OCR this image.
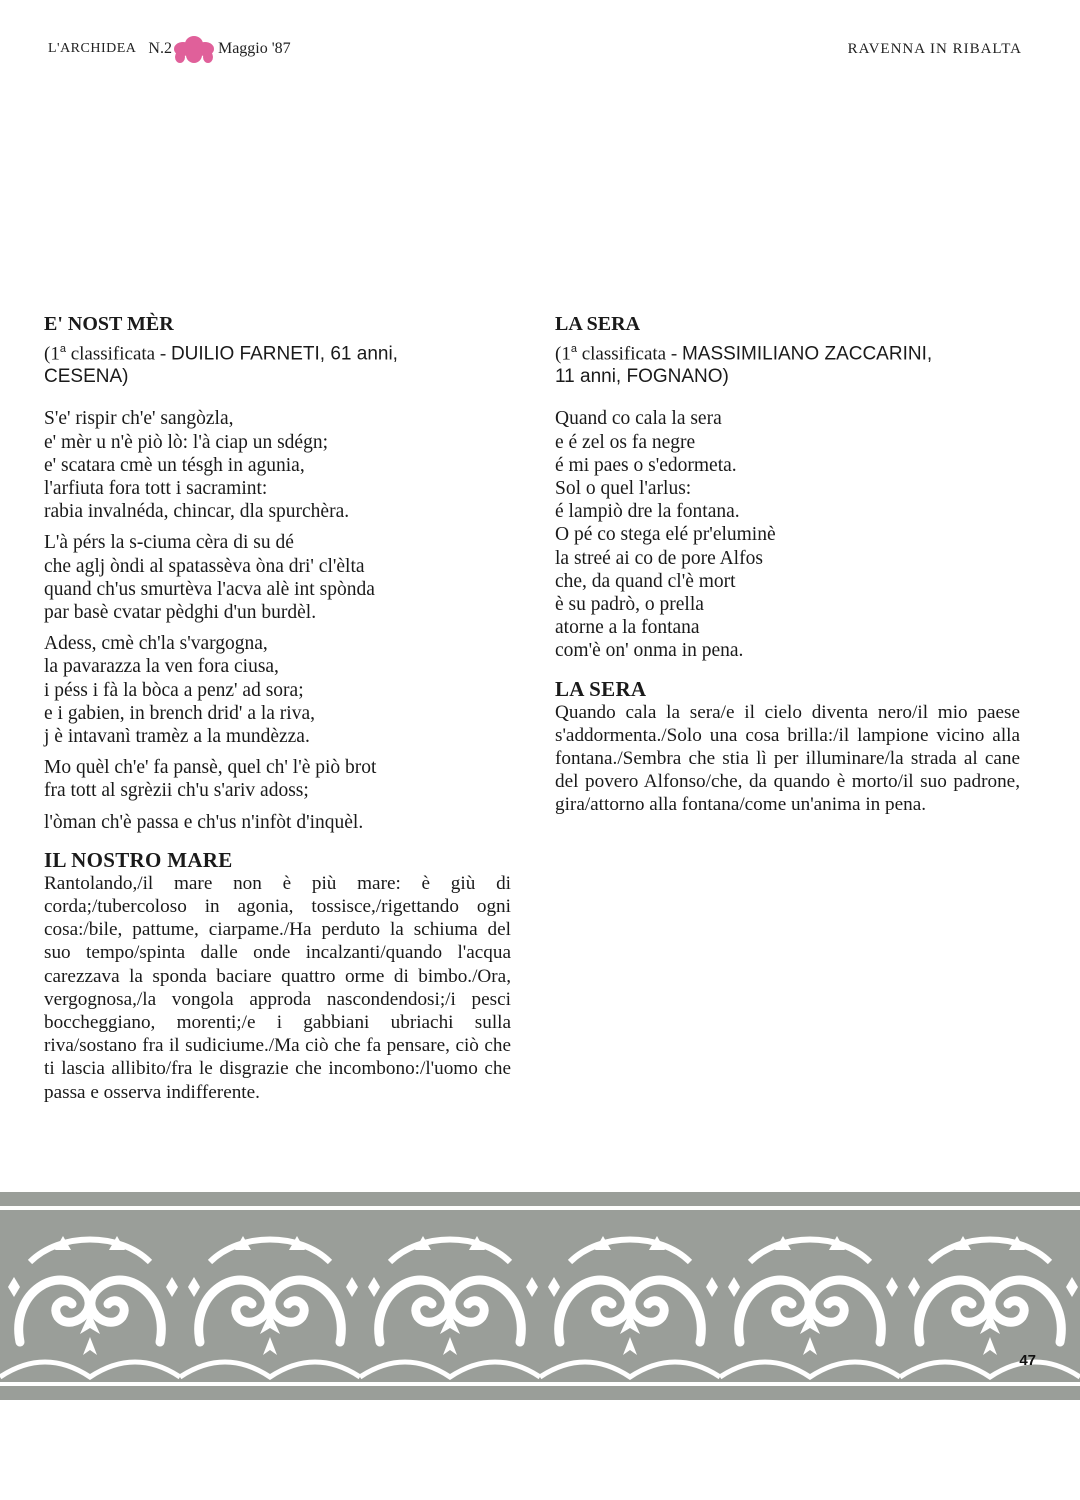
L'ARCHIDEA N.2	Maggio '87	RAVENNA IN RIBALTA
E' NOST MÈR
(1$^a$ classificata - DUILIO FARNETI, 61 anni,
CESENA)
S'e' rispir ch'e' sangòzla,
e' mèr u n'è piò lò: l'à ciap un sdégn;
e' scatara cmè un tésgh in agunia,
l'arfiuta fora tott i sacramint:
rabia invalnéda, chincar, dla spurchèra.
L'à pérs la s-ciuma cèra di su dé
che aglj òndi al spatassèva òna dri' cl'èlta
quand ch'us smurtèva l'acva alè int spònda
par basè cvatar pèdghi d'un burdèl.
Adess, cmè ch'la s'vargogna,
la pavarazza la ven fora ciusa,
i péss i fà la bòca a penz' ad sora;
e i gabien, in brench drid' a la riva,
j è intavanì tramèz a la mundèzza.
Mo quèl ch'e' fa pansè, quel ch' l'è piò brot
fra tott al sgrèzii ch'u s'ariv adoss;
l'òman ch'è passa e ch'us n'infòt d'inquèl.
IL NOSTRO MARE

Rantolando,/il mare non è più mare: è giù di corda;/tubercoloso in agonia, tossisce,/rigettando ogni cosa:/bile, pattume, ciarpame./Ha perduto la schiuma del suo tempo/spinta dalle onde incalzanti/quando l'acqua carezzava la sponda baciare quattro orme di bimbo./Ora, vergognosa,/la vongola approda nascondendosi;/i pesci boccheggiano, morenti;/e i gabbiani ubriachi sulla riva/sostano fra il sudiciume./Ma ciò che fa pensare, ciò che ti lascia allibito/fra le disgrazie che incombono:/l'uomo che passa e osserva indifferente.

LA SERA
(1$^a$ classificata - MASSIMILIANO ZACCARINI,
11 anni, FOGNANO)
Quand co cala la sera
e é zel os fa negre
é mi paes o s'edormeta.
Sol o quel l'arlus:
é lampiò dre la fontana.
O pé co stega elé pr'eluminè
la streé ai co de pore Alfos
che, da quand cl'è mort
è su padrò, o prella
atorne a la fontana
com'è on' onma in pena.
LA SERA

Quando cala la sera/e il cielo diventa nero/il mio paese s'addormenta./Solo una cosa brilla:/il lampione vicino alla fontana./Sembra che stia lì per illuminare/la strada al cane del povero Alfonso/che, da quando è morto/il suo padrone, gira/attorno alla fontana/come un'anima in pena.

47
